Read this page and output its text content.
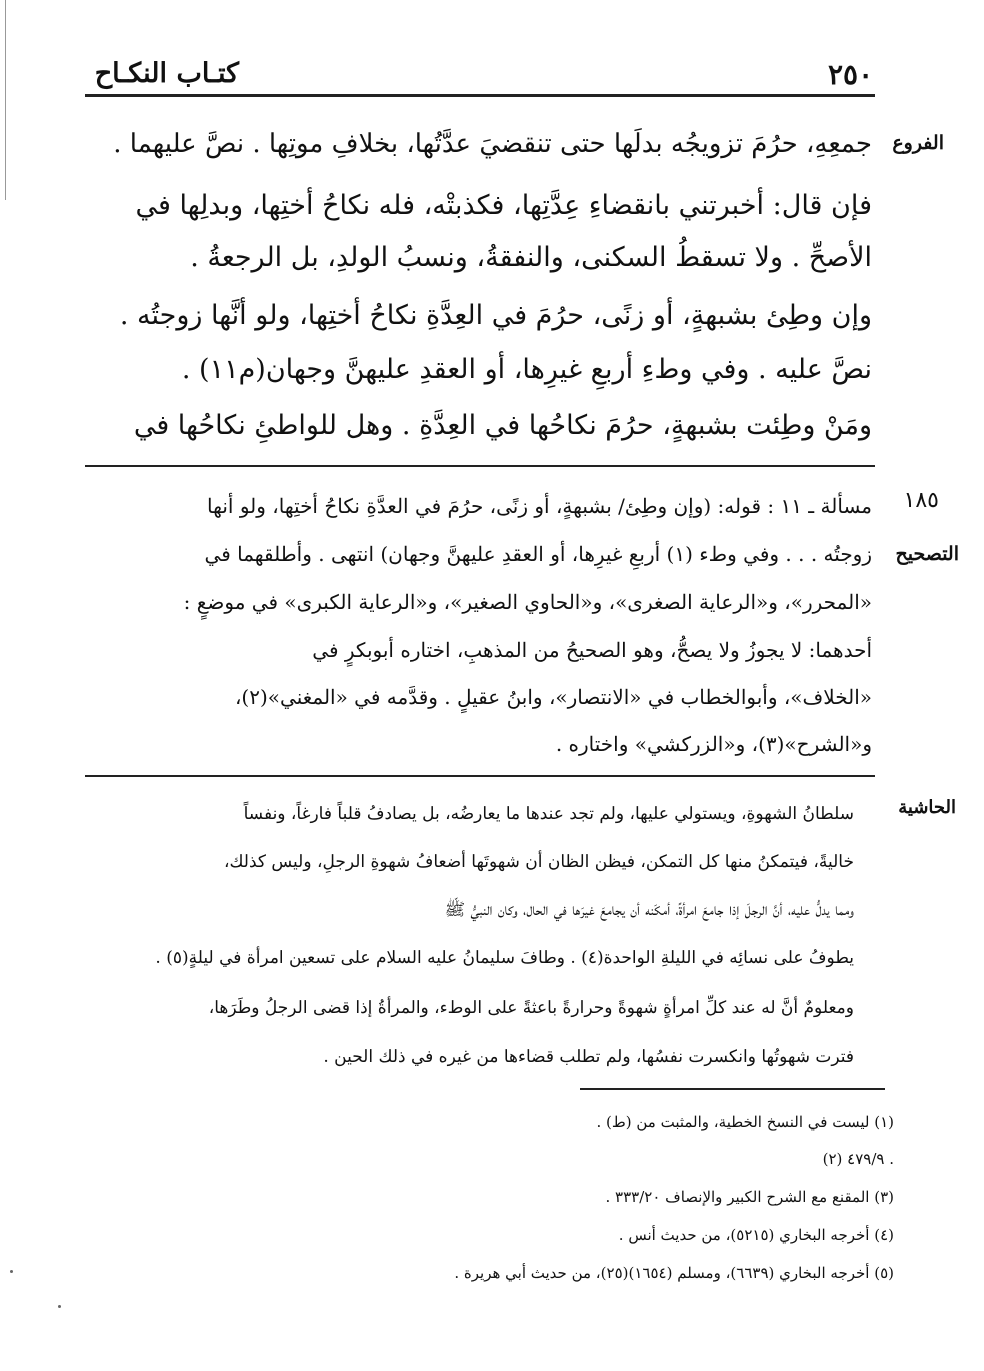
كتـاب النكـاح	٢٥٠
الفروع
١٨٥
التصحيح
الحاشية
جمعِهِ، حرُمَ تزويجُه بدلَها حتى تنقضيَ عدَّتُها، بخلافِ موتِها . نصَّ عليهما .
فإن قال: أخبرتني بانقضاءِ عِدَّتِها، فكذبتْه، فله نكاحُ أختِها، وبدلِها في
الأصحِّ . ولا تسقطُ السكنى، والنفقةُ، ونسبُ الولدِ، بل الرجعةُ .
وإن وطِئ بشبهةٍ، أو زنًى، حرُمَ في العِدَّةِ نكاحُ أختِها، ولو أنَّها زوجتُه .
نصَّ عليه . وفي وطءِ أربعِ غيرِها، أو العقدِ عليهنَّ وجهان(م١١) .
ومَنْ وطِئت بشبهةٍ، حرُمَ نكاحُها في العِدَّةِ . وهل للواطئِ نكاحُها في
مسألة ـ ١١ : قوله: (وإن وطِئ/ بشبهةٍ، أو زنًى، حرُمَ في العدَّةِ نكاحُ أختِها، ولو أنها
زوجتُه . . . وفي وطء (١) أربعِ غيرِها، أو العقدِ عليهنَّ وجهان) انتهى . وأطلقهما في
«المحرر»، و«الرعاية الصغرى»، و«الحاوي الصغير»، و«الرعاية الكبرى» في موضعٍ :
أحدهما: لا يجوزُ ولا يصحُّ، وهو الصحيحُ من المذهبِ، اختاره أبوبكرٍ في
«الخلاف»، وأبوالخطاب في «الانتصار»، وابنُ عقيلٍ . وقدَّمه في «المغني»(٢)،
و«الشرح»(٣)، و«الزركشي» واختاره .
سلطانُ الشهوةِ، ويستولي عليها، ولم تجد عندها ما يعارضُه، بل يصادفُ قلباً فارغاً، ونفساً
خاليةً، فيتمكنُ منها كل التمكن، فيظن الظان أن شهوتَها أضعافُ شهوةِ الرجلِ، وليس كذلك،
ومما يدلُّ عليه، أنَّ الرجلَ إذا جامعَ امرأةً، أمكَنه أن يجامعَ غيرَها في الحال، وكان النبيُّ ﷺ
يطوفُ على نسائِه في الليلةِ الواحدة(٤) . وطافَ سليمانُ عليه السلام على تسعين امرأة في ليلةٍ(٥) .
ومعلومٌ أنَّ له عند كلِّ امرأةٍ شهوةً وحرارةً باعثةً على الوطء، والمرأةُ إذا قضى الرجلُ وطَرَها،
فترت شهوتُها وانكسرت نفسُها، ولم تطلب قضاءها من غيره في ذلك الحين .
(١) ليست في النسخ الخطية، والمثبت من (ط) .
(٢) ٤٧٩/٩ .
(٣) المقنع مع الشرح الكبير والإنصاف ٣٣٣/٢٠ .
(٤) أخرجه البخاري (٥٢١٥)، من حديث أنس .
(٥) أخرجه البخاري (٦٦٣٩)، ومسلم (١٦٥٤)(٢٥)، من حديث أبي هريرة .
